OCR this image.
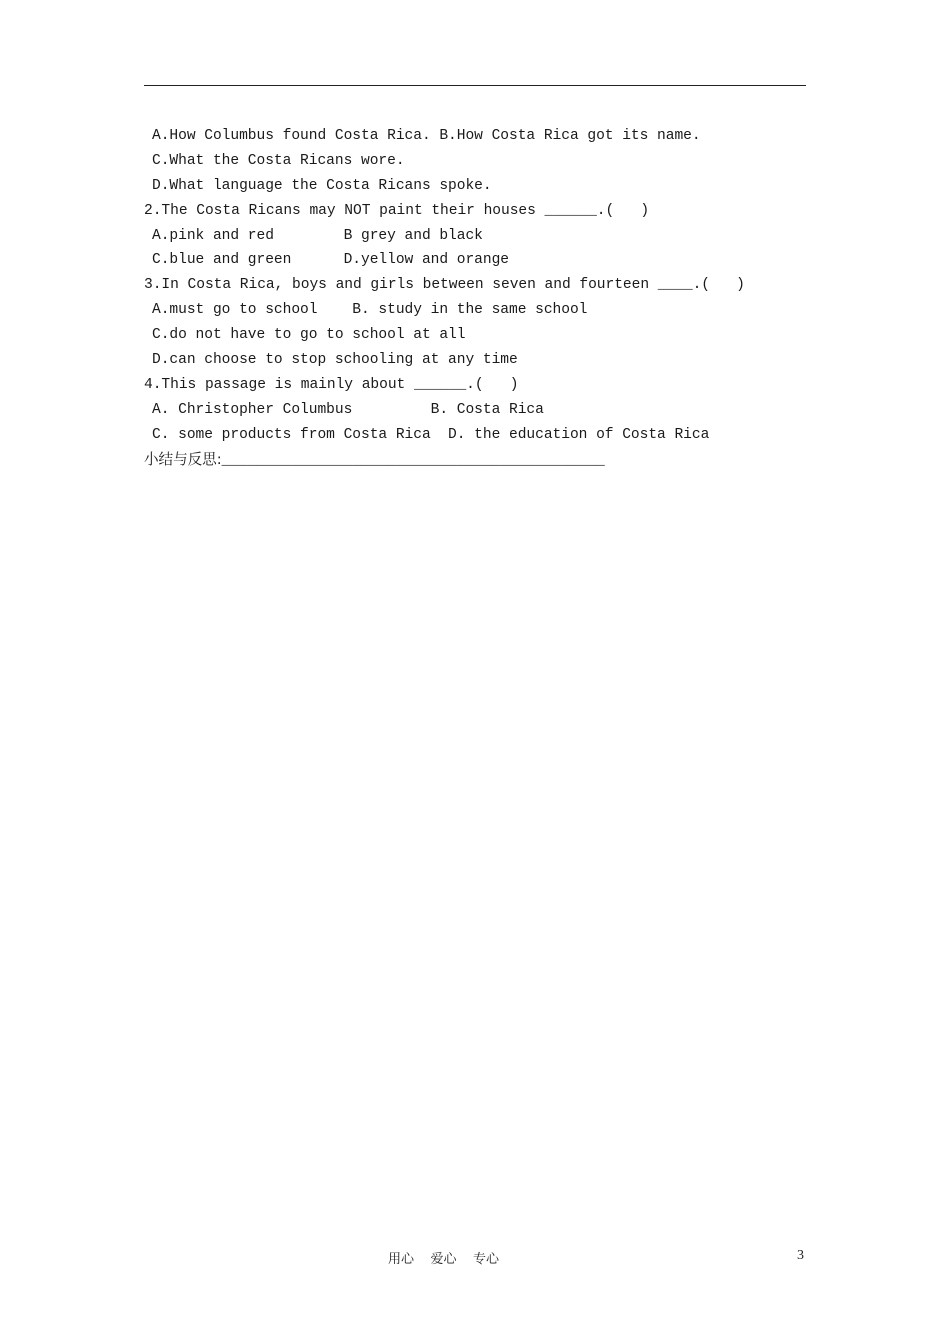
A.How Columbus found Costa Rica. B.How Costa Rica got its name.
C.What the Costa Ricans wore.
D.What language the Costa Ricans spoke.
2.The Costa Ricans may NOT paint their houses ______.(   )
A.pink and red        B grey and black
C.blue and green      D.yellow and orange
3.In Costa Rica, boys and girls between seven and fourteen ____.(   )
A.must go to school    B. study in the same school
C.do not have to go to school at all
D.can choose to stop schooling at any time
4.This passage is mainly about ______.(   )
A. Christopher Columbus         B. Costa Rica
C. some products from Costa Rica  D. the education of Costa Rica
小结与反思:____________________________________________
用心    爱心    专心	3
